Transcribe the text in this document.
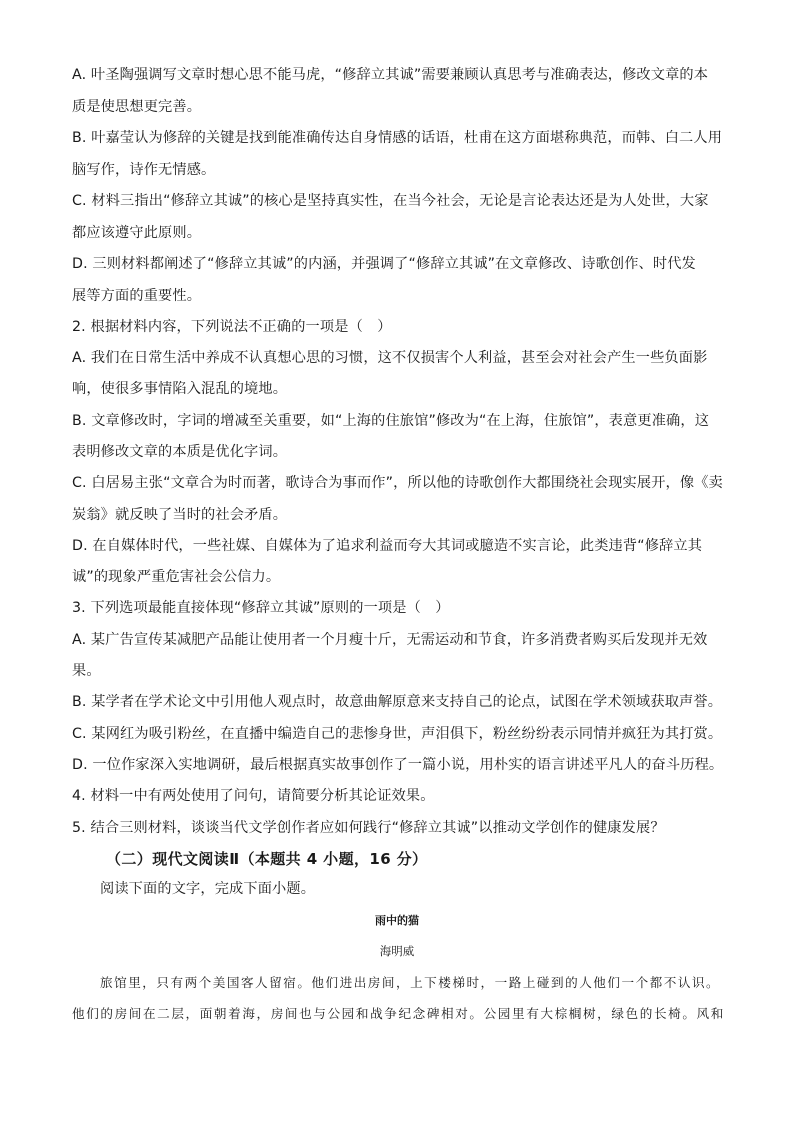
A. 叶圣陶强调写文章时想心思不能马虎，“修辞立其诚”需要兼顾认真思考与准确表达，修改文章的本
质是使思想更完善。
B. 叶嘉莹认为修辞的关键是找到能准确传达自身情感的话语，杜甫在这方面堪称典范，而韩、白二人用
脑写作，诗作无情感。
C. 材料三指出“修辞立其诚”的核心是坚持真实性，在当今社会，无论是言论表达还是为人处世，大家
都应该遵守此原则。
D. 三则材料都阐述了“修辞立其诚”的内涵，并强调了“修辞立其诚”在文章修改、诗歌创作、时代发
展等方面的重要性。
2. 根据材料内容，下列说法不正确的一项是（　）
A. 我们在日常生活中养成不认真想心思的习惯，这不仅损害个人利益，甚至会对社会产生一些负面影
响，使很多事情陷入混乱的境地。
B. 文章修改时，字词的增减至关重要，如“上海的住旅馆”修改为“在上海，住旅馆”，表意更准确，这
表明修改文章的本质是优化字词。
C. 白居易主张“文章合为时而著，歌诗合为事而作”，所以他的诗歌创作大都围绕社会现实展开，像《卖
炭翁》就反映了当时的社会矛盾。
D. 在自媒体时代，一些社媒、自媒体为了追求利益而夸大其词或臆造不实言论，此类违背“修辞立其
诚”的现象严重危害社会公信力。
3. 下列选项最能直接体现“修辞立其诚”原则的一项是（　）
A. 某广告宣传某减肥产品能让使用者一个月瘦十斤，无需运动和节食，许多消费者购买后发现并无效
果。
B. 某学者在学术论文中引用他人观点时，故意曲解原意来支持自己的论点，试图在学术领域获取声誉。
C. 某网红为吸引粉丝，在直播中编造自己的悲惨身世，声泪俱下，粉丝纷纷表示同情并疯狂为其打赏。
D. 一位作家深入实地调研，最后根据真实故事创作了一篇小说，用朴实的语言讲述平凡人的奋斗历程。
4. 材料一中有两处使用了问句，请简要分析其论证效果。
5. 结合三则材料，谈谈当代文学创作者应如何践行“修辞立其诚”以推动文学创作的健康发展？
（二）现代文阅读Ⅱ（本题共 4 小题，16 分）
阅读下面的文字，完成下面小题。
雨中的猫
海明威
旅馆里，只有两个美国客人留宿。他们进出房间，上下楼梯时，一路上碰到的人他们一个都不认识。
他们的房间在二层，面朝着海，房间也与公园和战争纪念碑相对。公园里有大棕榈树，绿色的长椅。风和
